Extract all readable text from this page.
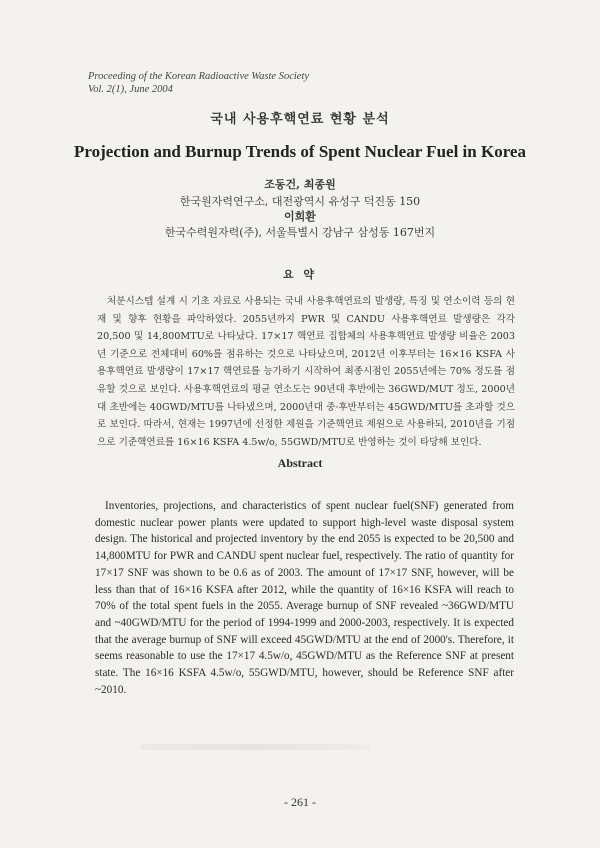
Proceeding of the Korean Radioactive Waste Society
Vol. 2(1), June 2004
국내 사용후핵연료 현황 분석
Projection and Burnup Trends of Spent Nuclear Fuel in Korea
조동건, 최종원
한국원자력연구소, 대전광역시 유성구 덕진동 150
이희환
한국수력원자력(주), 서울특별시 강남구 삼성동 167번지
요 약

처분시스템 설계 시 기초 자료로 사용되는 국내 사용후핵연료의 발생량, 특징 및 연소이력 등의 현재 및 향후 현황을 파악하였다. 2055년까지 PWR 및 CANDU 사용후핵연료 발생량은 각각 20,500 및 14,800MTU로 나타났다. 17×17 핵연료 집합체의 사용후핵연료 발생량 비율은 2003년 기준으로 전체대비 60%를 점유하는 것으로 나타났으며, 2012년 이후부터는 16×16 KSFA 사용후핵연료 발생량이 17×17 핵연료를 능가하기 시작하여 최종시점인 2055년에는 70% 정도를 점유할 것으로 보인다. 사용후핵연료의 평균 연소도는 90년대 후반에는 36GWD/MUT 정도, 2000년대 초반에는 40GWD/MTU를 나타냈으며, 2000년대 중·후반부터는 45GWD/MTU를 초과할 것으로 보인다. 따라서, 현재는 1997년에 선정한 제원을 기준핵연료 제원으로 사용하되, 2010년을 기점으로 기준핵연료를 16×16 KSFA 4.5w/o, 55GWD/MTU로 반영하는 것이 타당해 보인다.

Abstract

Inventories, projections, and characteristics of spent nuclear fuel(SNF) generated from domestic nuclear power plants were updated to support high-level waste disposal system design. The historical and projected inventory by the end 2055 is expected to be 20,500 and 14,800MTU for PWR and CANDU spent nuclear fuel, respectively. The ratio of quantity for 17×17 SNF was shown to be 0.6 as of 2003. The amount of 17×17 SNF, however, will be less than that of 16×16 KSFA after 2012, while the quantity of 16×16 KSFA will reach to 70% of the total spent fuels in the 2055. Average burnup of SNF revealed ~36GWD/MTU and ~40GWD/MTU for the period of 1994-1999 and 2000-2003, respectively. It is expected that the average burnup of SNF will exceed 45GWD/MTU at the end of 2000's. Therefore, it seems reasonable to use the 17×17 4.5w/o, 45GWD/MTU as the Reference SNF at present state. The 16×16 KSFA 4.5w/o, 55GWD/MTU, however, should be Reference SNF after ~2010.

- 261 -
